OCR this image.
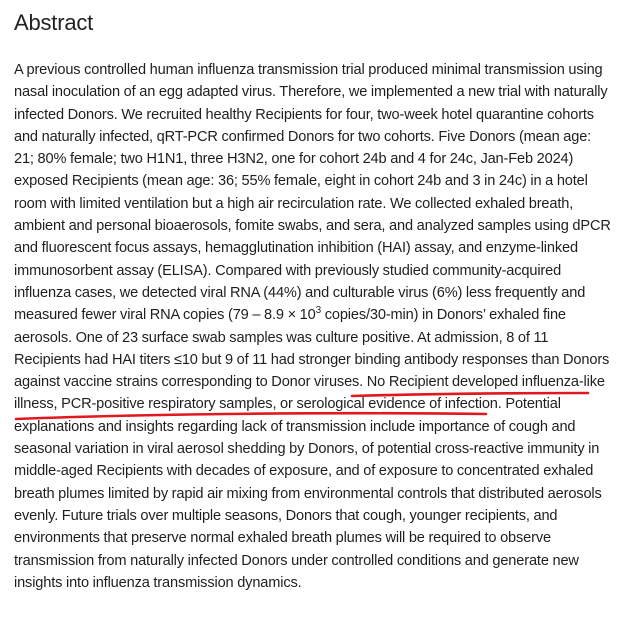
Abstract
A previous controlled human influenza transmission trial produced minimal transmission using nasal inoculation of an egg adapted virus. Therefore, we implemented a new trial with naturally infected Donors. We recruited healthy Recipients for four, two-week hotel quarantine cohorts and naturally infected, qRT-PCR confirmed Donors for two cohorts. Five Donors (mean age: 21; 80% female; two H1N1, three H3N2, one for cohort 24b and 4 for 24c, Jan-Feb 2024) exposed Recipients (mean age: 36; 55% female, eight in cohort 24b and 3 in 24c) in a hotel room with limited ventilation but a high air recirculation rate. We collected exhaled breath, ambient and personal bioaerosols, fomite swabs, and sera, and analyzed samples using dPCR and fluorescent focus assays, hemagglutination inhibition (HAI) assay, and enzyme-linked immunosorbent assay (ELISA). Compared with previously studied community-acquired influenza cases, we detected viral RNA (44%) and culturable virus (6%) less frequently and measured fewer viral RNA copies ($79 - 8.9 \times 10^3$ copies/30-min) in Donors’ exhaled fine aerosols. One of 23 surface swab samples was culture positive. At admission, 8 of 11 Recipients had HAI titers ≤10 but 9 of 11 had stronger binding antibody responses than Donors against vaccine strains corresponding to Donor viruses. No Recipient developed influenza-like illness, PCR-positive respiratory samples, or serological evidence of infection. Potential explanations and insights regarding lack of transmission include importance of cough and seasonal variation in viral aerosol shedding by Donors, of potential cross-reactive immunity in middle-aged Recipients with decades of exposure, and of exposure to concentrated exhaled breath plumes limited by rapid air mixing from environmental controls that distributed aerosols evenly. Future trials over multiple seasons, Donors that cough, younger recipients, and environments that preserve normal exhaled breath plumes will be required to observe transmission from naturally infected Donors under controlled conditions and generate new insights into influenza transmission dynamics.
